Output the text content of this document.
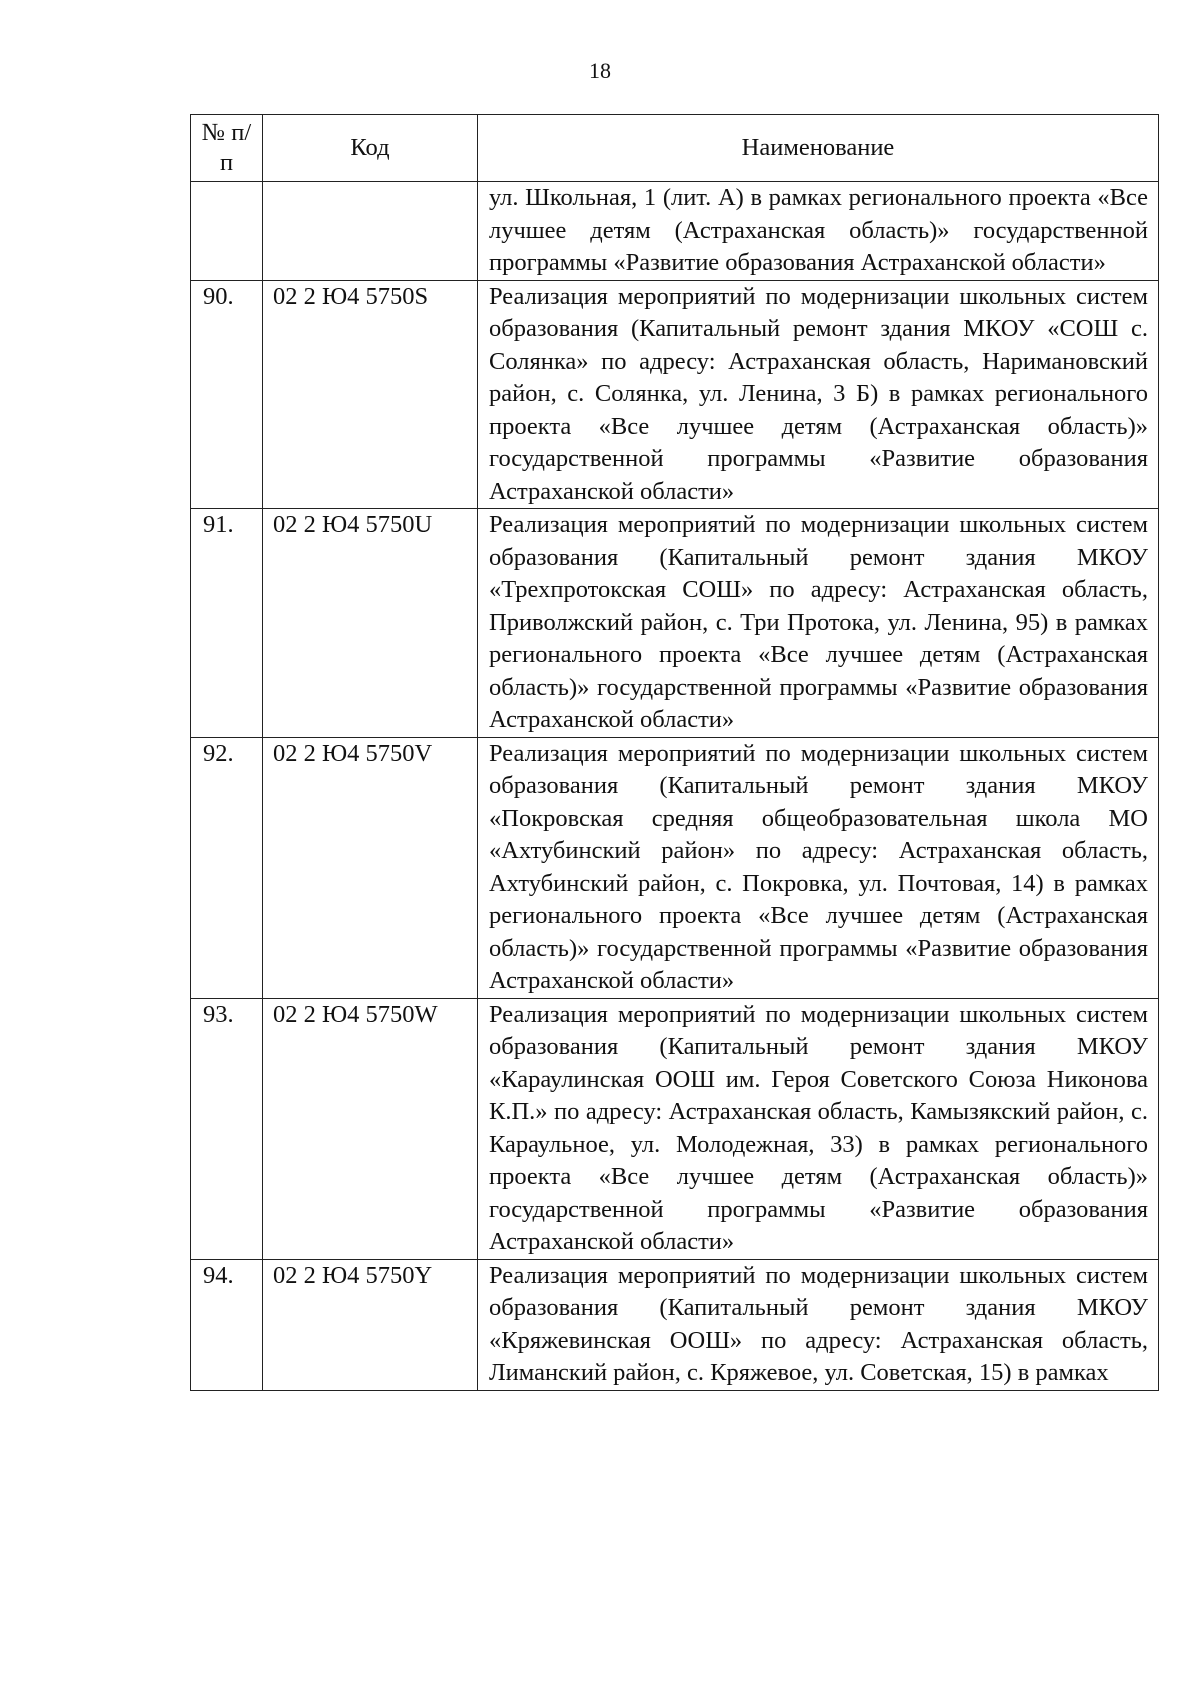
18
№ п/п	Код	Наименование
		ул. Школьная, 1 (лит. А) в рамках регионального проекта «Все лучшее детям (Астраханская область)» государственной программы «Развитие образования Астраханской области»
90.	02 2 Ю4 5750S	Реализация мероприятий по модернизации школьных систем образования (Капитальный ремонт здания МКОУ «СОШ с. Солянка» по адресу: Астраханская область, Наримановский район, с. Солянка, ул. Ленина, 3 Б) в рамках регионального проекта «Все лучшее детям (Астраханская область)» государственной программы «Развитие образования Астраханской области»
91.	02 2 Ю4 5750U	Реализация мероприятий по модернизации школьных систем образования (Капитальный ремонт здания МКОУ «Трехпротокская СОШ» по адресу: Астраханская область, Приволжский район, с. Три Протока, ул. Ленина, 95) в рамках регионального проекта «Все лучшее детям (Астраханская область)» государственной программы «Развитие образования Астраханской области»
92.	02 2 Ю4 5750V	Реализация мероприятий по модернизации школьных систем образования (Капитальный ремонт здания МКОУ «Покровская средняя общеобразовательная школа МО «Ахтубинский район» по адресу: Астраханская область, Ахтубинский район, с. Покровка, ул. Почтовая, 14) в рамках регионального проекта «Все лучшее детям (Астраханская область)» государственной программы «Развитие образования Астраханской области»
93.	02 2 Ю4 5750W	Реализация мероприятий по модернизации школьных систем образования (Капитальный ремонт здания МКОУ «Караулинская ООШ им. Героя Советского Союза Никонова К.П.» по адресу: Астраханская область, Камызякский район, с. Караульное, ул. Молодежная, 33) в рамках регионального проекта «Все лучшее детям (Астраханская область)» государственной программы «Развитие образования Астраханской области»
94.	02 2 Ю4 5750Y	Реализация мероприятий по модернизации школьных систем образования (Капитальный ремонт здания МКОУ «Кряжевинская ООШ» по адресу: Астраханская область, Лиманский район, с. Кряжевое, ул. Советская, 15) в рамках
